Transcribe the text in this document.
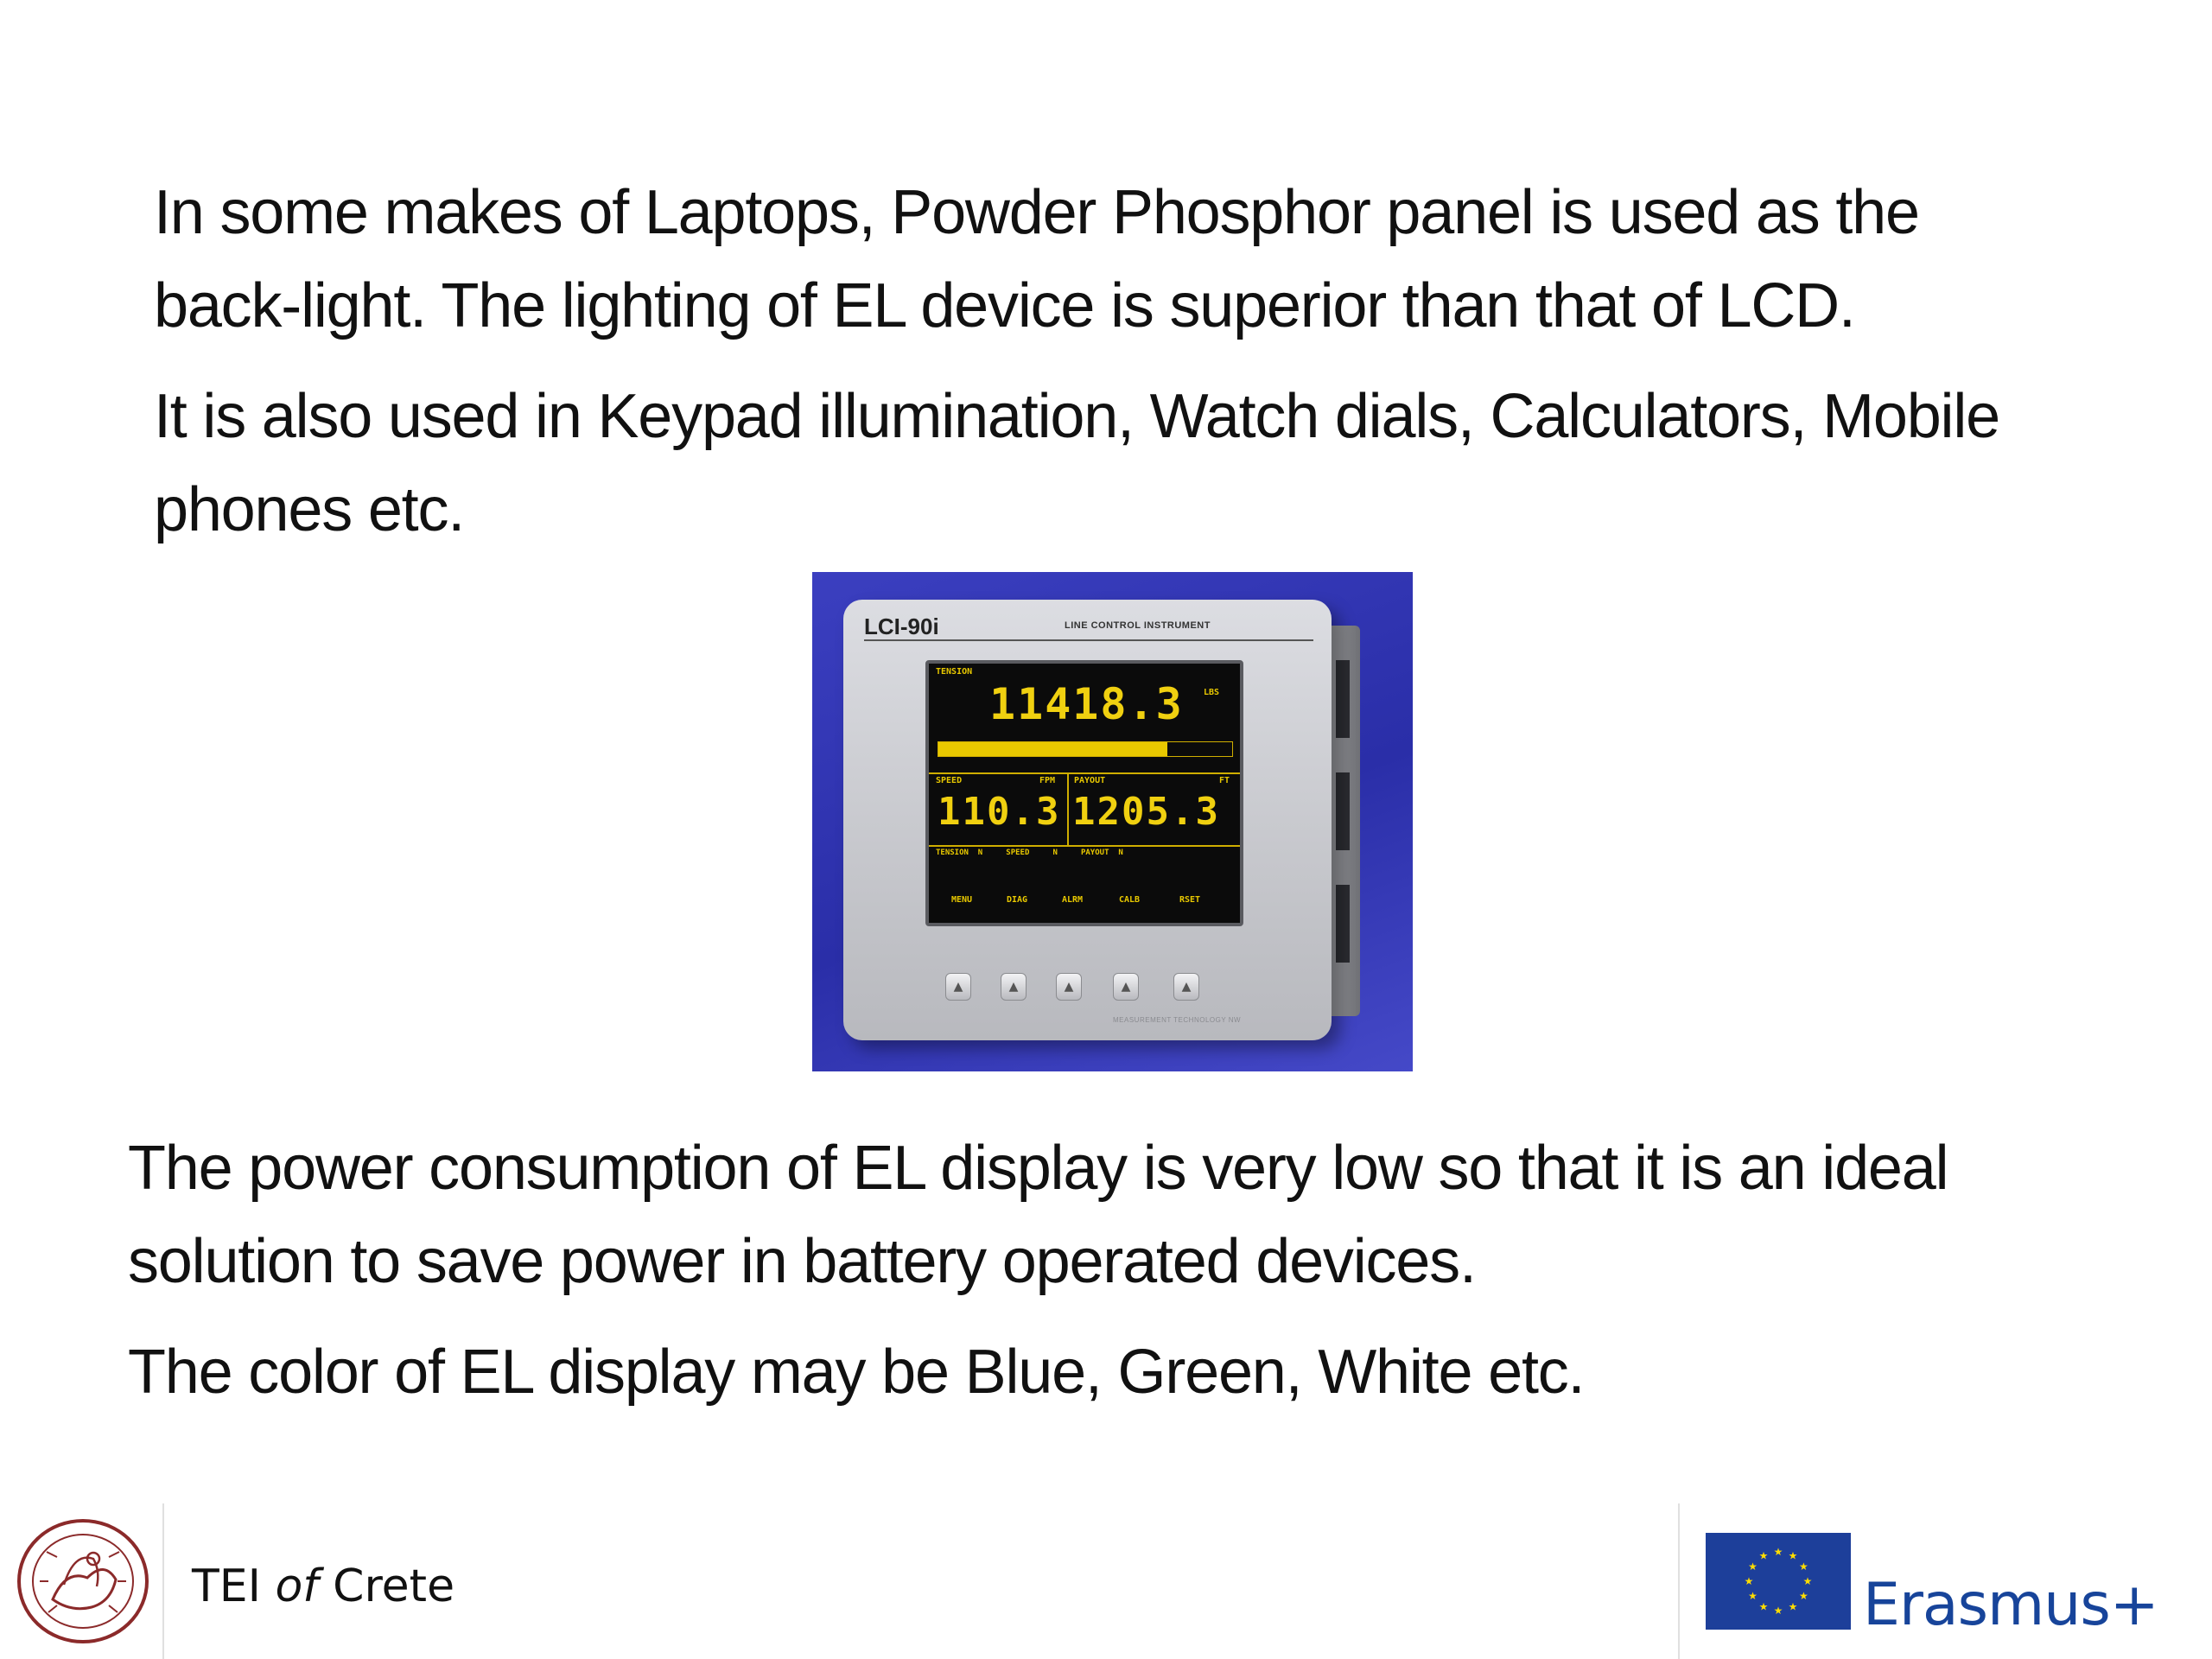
In some makes of Laptops, Powder Phosphor panel is used as the
back-light. The lighting of EL device is superior than that of LCD.

It is also used in Keypad illumination, Watch dials, Calculators, Mobile
phones etc.

LCI-90i	LINE CONTROL INSTRUMENT
TENSION
11418.3 LBS
SPEED	FPM PAYOUT	FT
110.3 1205.3
TENSION  N     SPEED     N     PAYOUT  N
MENU	DIAG	ALRM	CALB	RSET
▲	▲	▲	▲	▲
MEASUREMENT TECHNOLOGY NW

The power consumption of EL display is very low so that it is an ideal
solution to save power in battery operated devices.

The color of EL display may be Blue, Green, White etc.

TEI of Crete
★ ★
★
★
★
★
★
★
★
★
★
★
Erasmus+
